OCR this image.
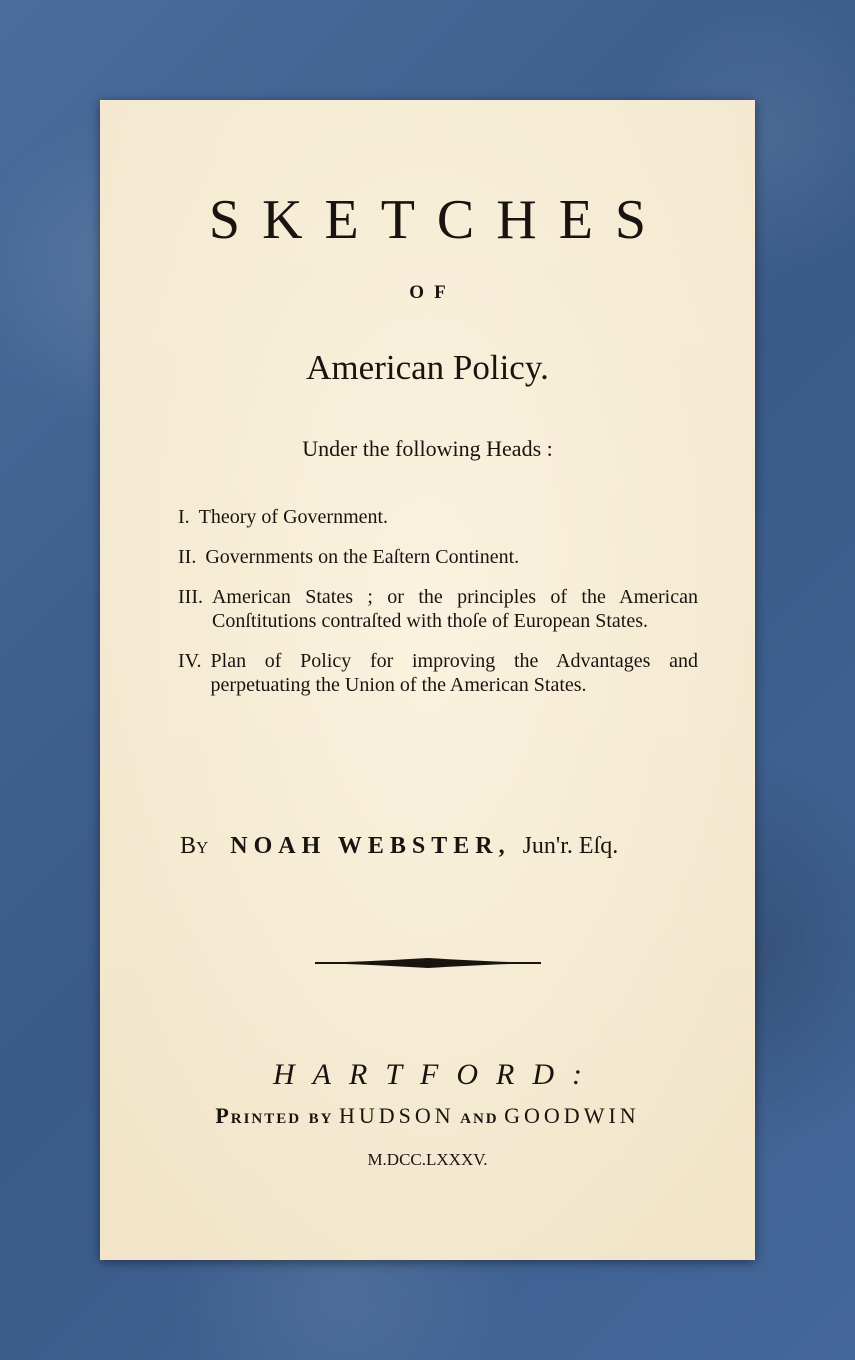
SKETCHES
OF
American Policy.
Under the following Heads :
I. Theory of Government.
II. Governments on the Eaſtern Continent.
III. American States ; or the principles of the American Conſtitutions contraſted with thoſe of European States.
IV. Plan of Policy for improving the Advantages and perpetuating the Union of the American States.
By NOAH WEBSTER, Jun'r. Eſq.
HARTFORD:
Printed by HUDSON and GOODWIN
M.DCC.LXXXV.
